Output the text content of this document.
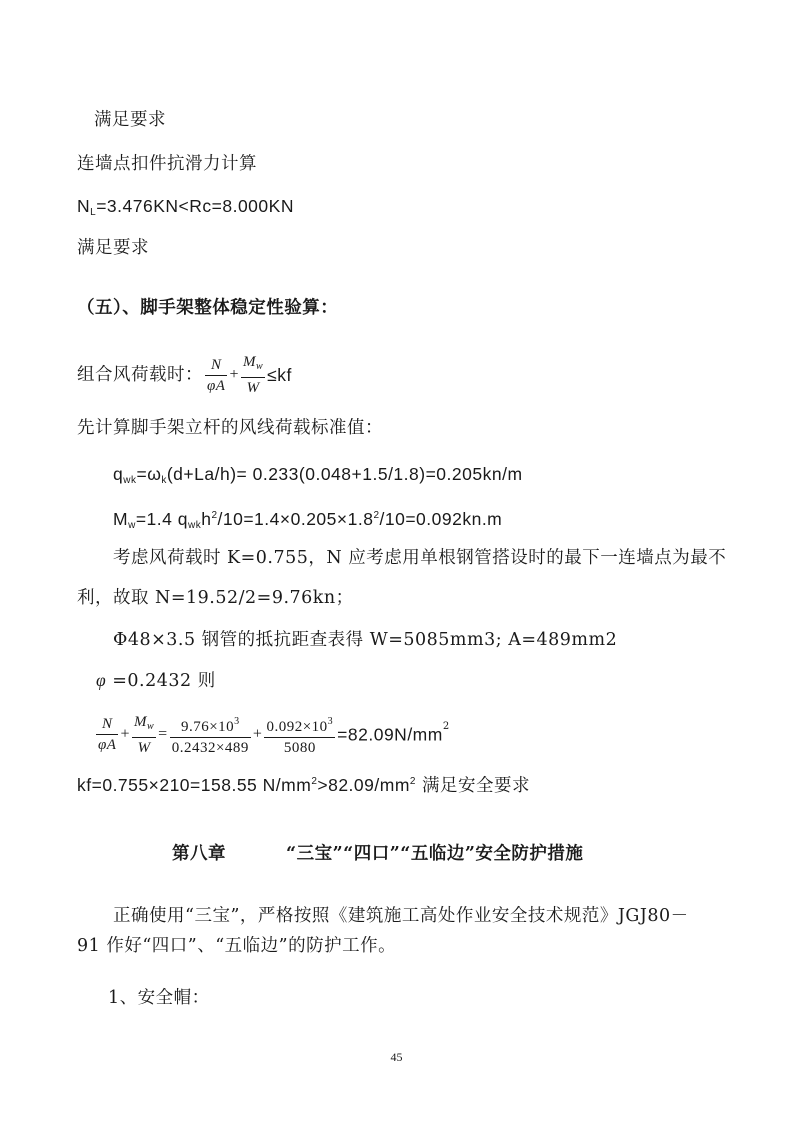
满足要求
连墙点扣件抗滑力计算
$N_L=3.476KN<Rc=8.000KN$
满足要求
（五）、脚手架整体稳定性验算：
组合风荷载时： $\frac{N}{\varphi A} + \frac{M_w}{W} \le kf$
先计算脚手架立杆的风线荷载标准值：
$q_{wk}=\omega_k(d+La/h)= 0.233(0.048+1.5/1.8)=0.205kn/m$
$M_w=1.4$ $q_{wk}h^2/10=1.4\times 0.205\times 1.8^2/10=0.092kn.m$
考虑风荷载时 K=0.755，N 应考虑用单根钢管搭设时的最下一连墙点为最不
利，故取 N=19.52/2=9.76kn；
Φ48×3.5 钢管的抵抗距查表得 W=5085mm3; A=489mm2
φ =0.2432 则
$\frac{N}{\varphi A} + \frac{M_w}{W} = \frac{9.76\times 10^3}{0.2432\times 489} + \frac{0.092\times 10^3}{5080} =82.09N/mm^2$
kf=0.755×210=158.55 $N/mm^2>82.09/mm^2$ 满足安全要求
第八章	“三宝”“四口”“五临边”安全防护措施
正确使用“三宝”，严格按照《建筑施工高处作业安全技术规范》JGJ80－
91 作好“四口”、“五临边”的防护工作。
1、安全帽：
45
